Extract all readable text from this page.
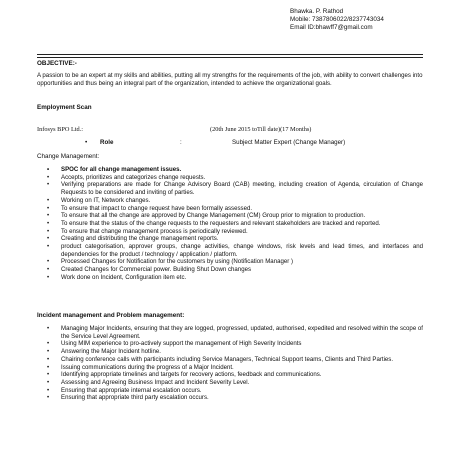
Bhawka. P. Rathod
Mobile: 7387806022/8237743034
Email ID:bhawff7@gmail.com
OBJECTIVE:-
A passion to be an expert at my skills and abilities, putting all my strengths for the requirements of the job, with ability to convert challenges into opportunities and thus being an integral part of the organization, intended to achieve the organizational goals.
Employment Scan
Infosys BPO Ltd.:	(20th June 2015 toTill date)(17 Months)
• Role	:	Subject Matter Expert (Change Manager)
Change Management:
• SPOC for all change management issues.
• Accepts, prioritizes and categorizes change requests.
• Verifying preparations are made for Change Advisory Board (CAB) meeting, including creation of Agenda, circulation of Change Requests to be considered and inviting of parties.
• Working on IT, Network changes.
• To ensure that impact to change request have been formally assessed.
• To ensure that all the change are approved by Change Management (CM) Group prior to migration to production.
• To ensure that the status of the change requests to the requesters and relevant stakeholders are tracked and reported.
• To ensure that change management process is periodically reviewed.
• Creating and distributing the change management reports.
• product categorisation, approver groups, change activities, change windows, risk levels and lead times, and interfaces and dependencies for the product / technology / application / platform.
• Processed Changes for Notification for the customers by using (Notification Manager )
• Created Changes for Commercial power. Building Shut Down changes
• Work done on Incident, Configuration item etc.
Incident management and Problem management:
• Managing Major Incidents, ensuring that they are logged, progressed, updated, authorised, expedited and resolved within the scope of the Service Level Agreement.
• Using MIM experience to pro-actively support the management of High Severity Incidents
• Answering the Major Incident hotline.
• Chairing conference calls with participants including Service Managers, Technical Support teams, Clients and Third Parties.
• Issuing communications during the progress of a Major Incident.
• Identifying appropriate timelines and targets for recovery actions, feedback and communications.
• Assessing and Agreeing Business Impact and Incident Severity Level.
• Ensuring that appropriate internal escalation occurs.
• Ensuring that appropriate third party escalation occurs.
